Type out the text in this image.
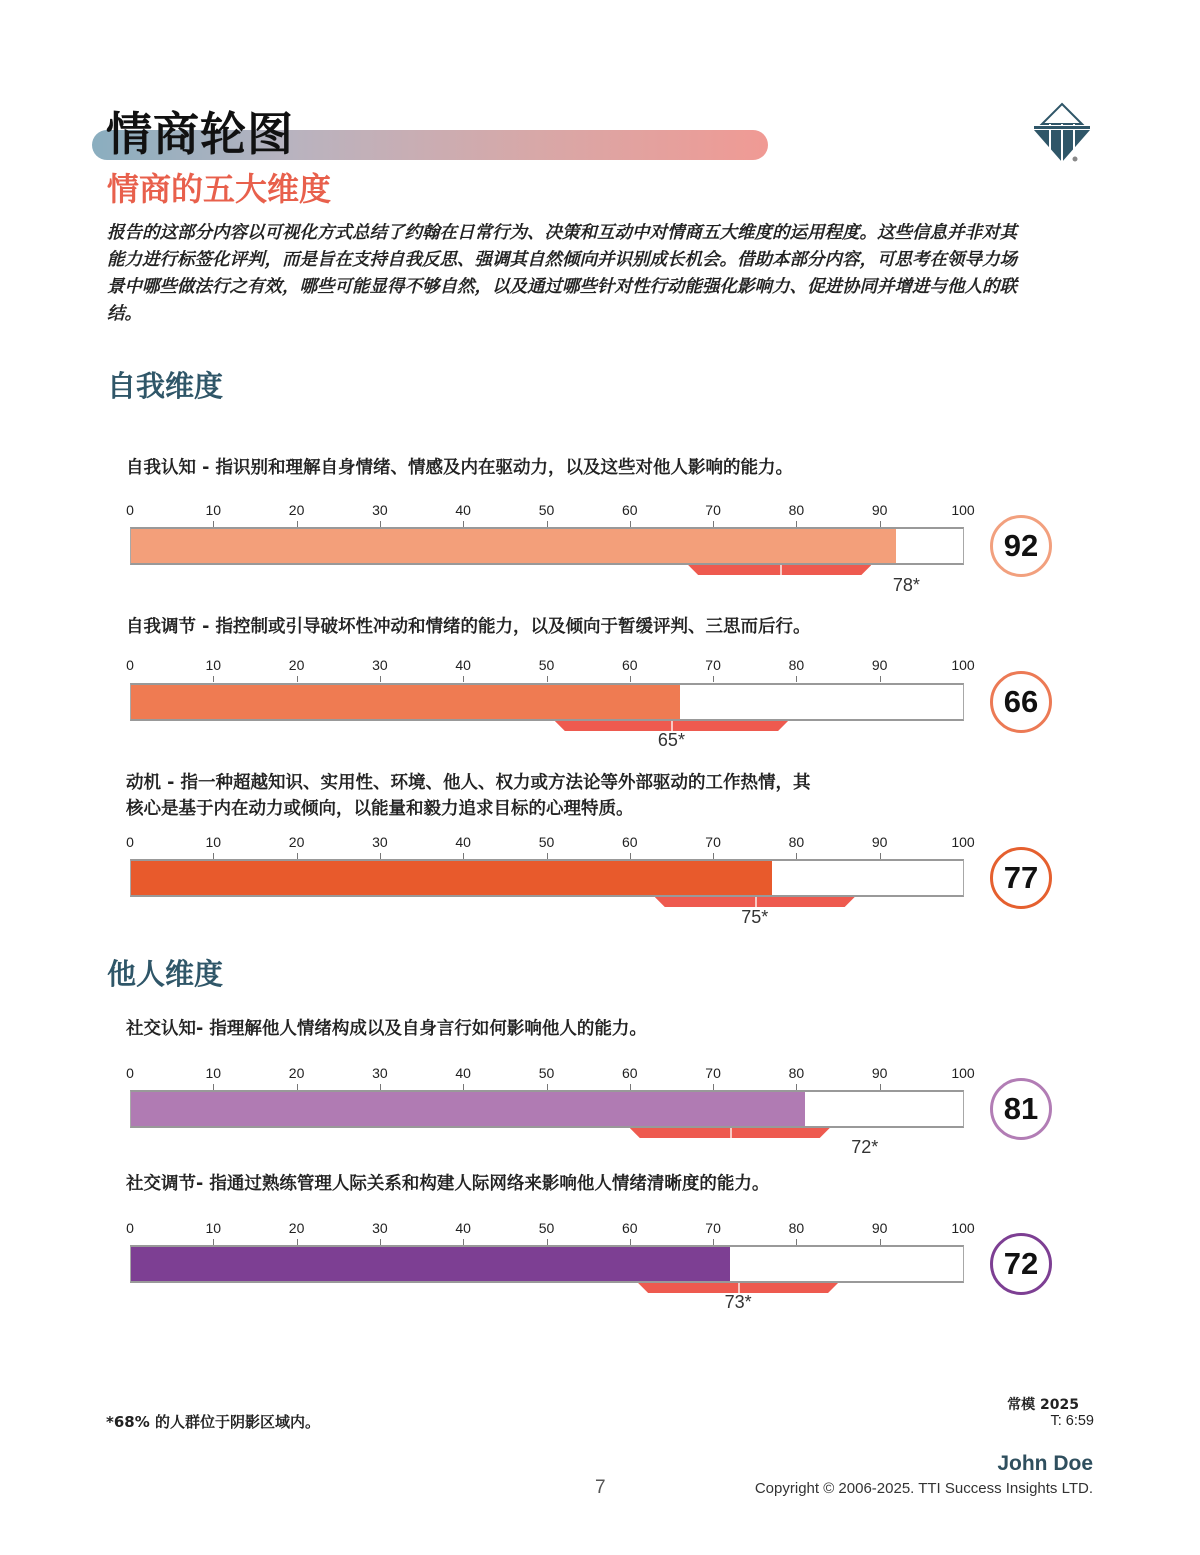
情商轮图
情商的五大维度
报告的这部分内容以可视化方式总结了约翰在日常行为、决策和互动中对情商五大维度的运用程度。这些信息并非对其能力进行标签化评判，而是旨在支持自我反思、强调其自然倾向并识别成长机会。借助本部分内容，可思考在领导力场景中哪些做法行之有效，哪些可能显得不够自然，以及通过哪些针对性行动能强化影响力、促进协同并增进与他人的联结。
自我维度
他人维度
自我认知 - 指识别和理解自身情绪、情感及内在驱动力，以及这些对他人影响的能力。
0	10	20	30	40	50	60	70	80	90	100
78*
92
自我调节 - 指控制或引导破坏性冲动和情绪的能力，以及倾向于暂缓评判、三思而后行。
0	10	20	30	40	50	60	70	80	90	100
65*
66
动机 - 指一种超越知识、实用性、环境、他人、权力或方法论等外部驱动的工作热情，其
核心是基于内在动力或倾向，以能量和毅力追求目标的心理特质。
0	10	20	30	40	50	60	70	80	90	100
75*
77
社交认知- 指理解他人情绪构成以及自身言行如何影响他人的能力。
0	10	20	30	40	50	60	70	80	90	100
72*
81
社交调节- 指通过熟练管理人际关系和构建人际网络来影响他人情绪清晰度的能力。
0	10	20	30	40	50	60	70	80	90	100
73*
72
*68% 的人群位于阴影区域内。
常模 2025
T: 6:59
John Doe
7	Copyright © 2006-2025. TTI Success Insights LTD.
